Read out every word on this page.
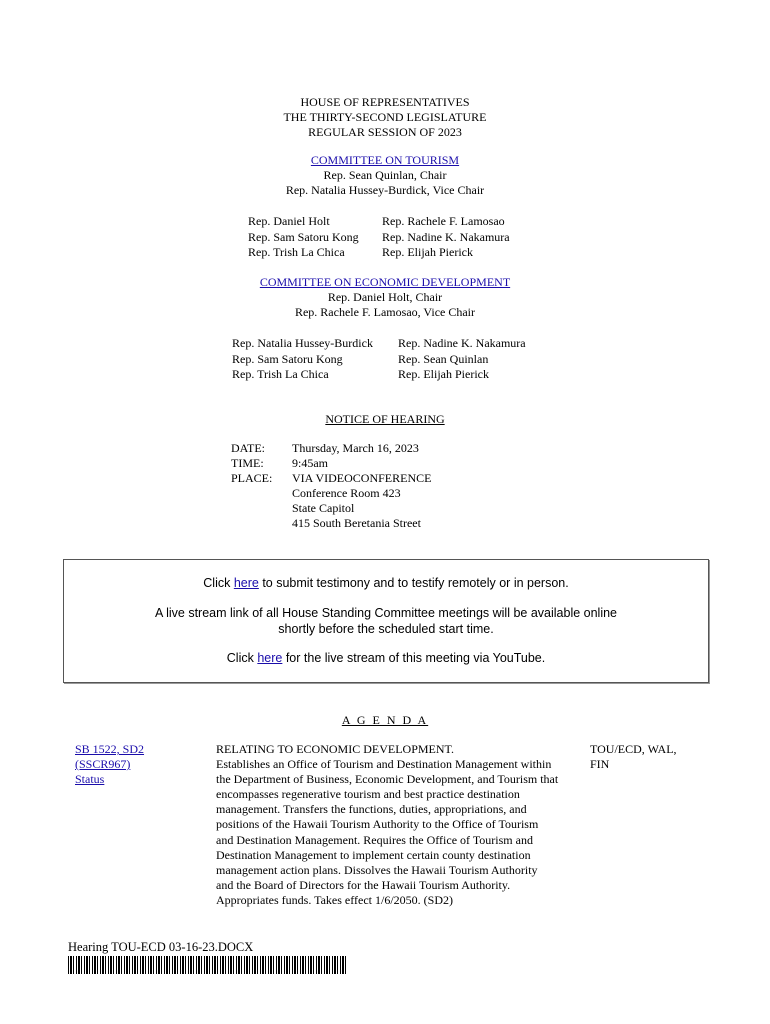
HOUSE OF REPRESENTATIVES
THE THIRTY-SECOND LEGISLATURE
REGULAR SESSION OF 2023
COMMITTEE ON TOURISM
Rep. Sean Quinlan, Chair
Rep. Natalia Hussey-Burdick, Vice Chair
Rep. Daniel Holt
Rep. Sam Satoru Kong
Rep. Trish La Chica
Rep. Rachele F. Lamosao
Rep. Nadine K. Nakamura
Rep. Elijah Pierick
COMMITTEE ON ECONOMIC DEVELOPMENT
Rep. Daniel Holt, Chair
Rep. Rachele F. Lamosao, Vice Chair
Rep. Natalia Hussey-Burdick
Rep. Sam Satoru Kong
Rep. Trish La Chica
Rep. Nadine K. Nakamura
Rep. Sean Quinlan
Rep. Elijah Pierick
NOTICE OF HEARING
DATE:
TIME:
PLACE:
Thursday, March 16, 2023
9:45am
VIA VIDEOCONFERENCE
Conference Room 423
State Capitol
415 South Beretania Street

Click here to submit testimony and to testify remotely or in person.

A live stream link of all House Standing Committee meetings will be available online

shortly before the scheduled start time.

Click here for the live stream of this meeting via YouTube.

A G E N D A
SB 1522, SD2
(SSCR967)
Status
RELATING TO ECONOMIC DEVELOPMENT.
Establishes an Office of Tourism and Destination Management within
the Department of Business, Economic Development, and Tourism that
encompasses regenerative tourism and best practice destination
management. Transfers the functions, duties, appropriations, and
positions of the Hawaii Tourism Authority to the Office of Tourism
and Destination Management. Requires the Office of Tourism and
Destination Management to implement certain county destination
management action plans. Dissolves the Hawaii Tourism Authority
and the Board of Directors for the Hawaii Tourism Authority.
Appropriates funds. Takes effect 1/6/2050. (SD2)
TOU/ECD, WAL,
FIN
Hearing TOU-ECD 03-16-23.DOCX
